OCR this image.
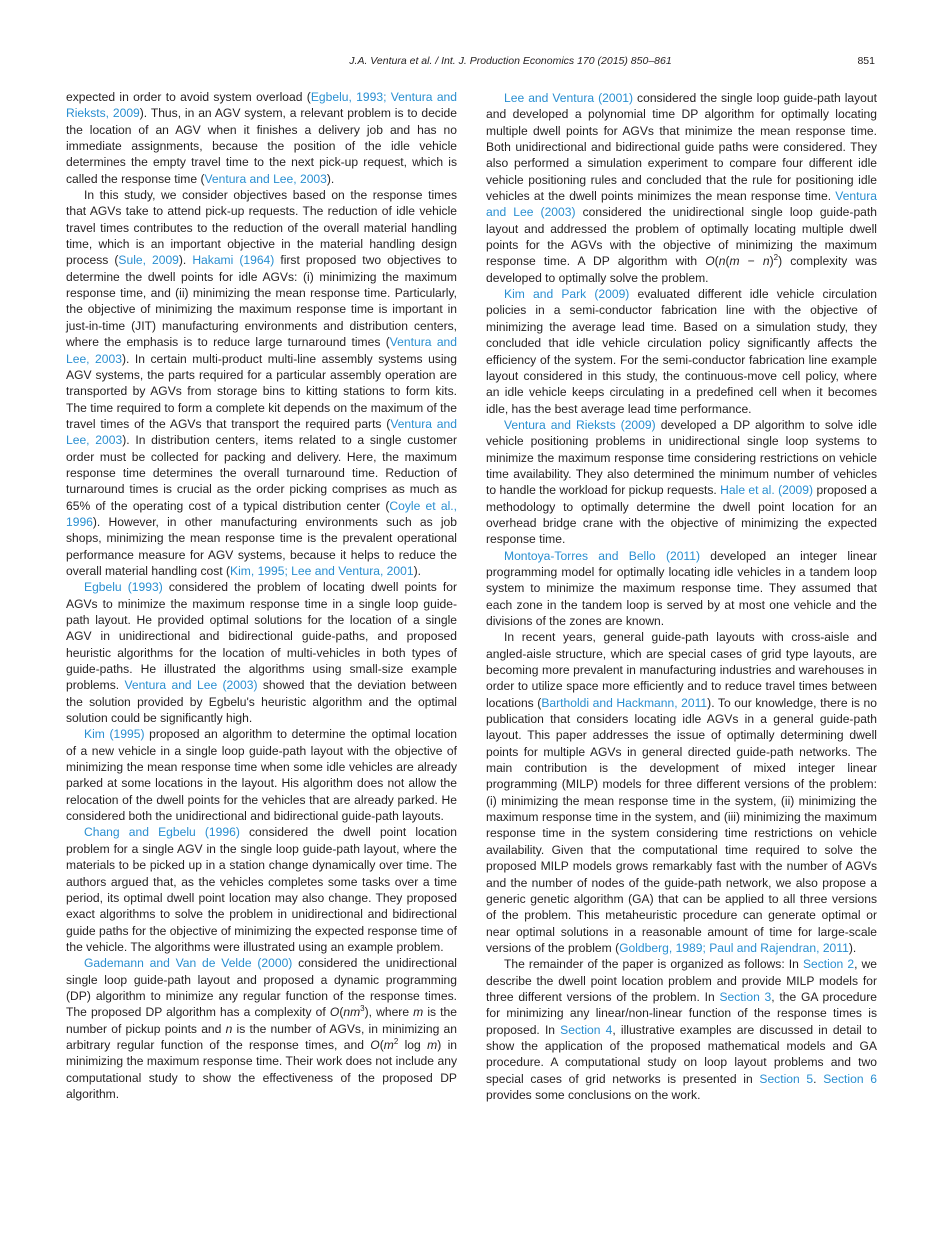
J.A. Ventura et al. / Int. J. Production Economics 170 (2015) 850–861	851

expected in order to avoid system overload (Egbelu, 1993; Ventura and Rieksts, 2009). Thus, in an AGV system, a relevant problem is to decide the location of an AGV when it finishes a delivery job and has no immediate assignments, because the position of the idle vehicle determines the empty travel time to the next pick-up request, which is called the response time (Ventura and Lee, 2003).

In this study, we consider objectives based on the response times that AGVs take to attend pick-up requests. The reduction of idle vehicle travel times contributes to the reduction of the overall material handling time, which is an important objective in the material handling design process (Sule, 2009). Hakami (1964) first proposed two objectives to determine the dwell points for idle AGVs: (i) minimizing the maximum response time, and (ii) minimizing the mean response time. Particularly, the objective of minimizing the maximum response time is important in just-in-time (JIT) manufacturing environments and distribution centers, where the emphasis is to reduce large turnaround times (Ventura and Lee, 2003). In certain multi-product multi-line assembly systems using AGV systems, the parts required for a particular assembly operation are transported by AGVs from storage bins to kitting stations to form kits. The time required to form a complete kit depends on the maximum of the travel times of the AGVs that transport the required parts (Ventura and Lee, 2003). In distribution centers, items related to a single customer order must be collected for packing and delivery. Here, the maximum response time determines the overall turnaround time. Reduction of turnaround times is crucial as the order picking comprises as much as 65% of the operating cost of a typical distribution center (Coyle et al., 1996). However, in other manufacturing environments such as job shops, minimizing the mean response time is the prevalent operational performance measure for AGV systems, because it helps to reduce the overall material handling cost (Kim, 1995; Lee and Ventura, 2001).

Egbelu (1993) considered the problem of locating dwell points for AGVs to minimize the maximum response time in a single loop guide-path layout. He provided optimal solutions for the location of a single AGV in unidirectional and bidirectional guide-paths, and proposed heuristic algorithms for the location of multi-vehicles in both types of guide-paths. He illustrated the algorithms using small-size example problems. Ventura and Lee (2003) showed that the deviation between the solution provided by Egbelu's heuristic algorithm and the optimal solution could be significantly high.

Kim (1995) proposed an algorithm to determine the optimal location of a new vehicle in a single loop guide-path layout with the objective of minimizing the mean response time when some idle vehicles are already parked at some locations in the layout. His algorithm does not allow the relocation of the dwell points for the vehicles that are already parked. He considered both the unidirectional and bidirectional guide-path layouts.

Chang and Egbelu (1996) considered the dwell point location problem for a single AGV in the single loop guide-path layout, where the materials to be picked up in a station change dynamically over time. The authors argued that, as the vehicles completes some tasks over a time period, its optimal dwell point location may also change. They proposed exact algorithms to solve the problem in unidirectional and bidirectional guide paths for the objective of minimizing the expected response time of the vehicle. The algorithms were illustrated using an example problem.

Gademann and Van de Velde (2000) considered the unidirectional single loop guide-path layout and proposed a dynamic programming (DP) algorithm to minimize any regular function of the response times. The proposed DP algorithm has a complexity of $O(nm^3)$, where m is the number of pickup points and n is the number of AGVs, in minimizing an arbitrary regular function of the response times, and $O(m^2$ log m) in minimizing the maximum response time. Their work does not include any computational study to show the effectiveness of the proposed DP algorithm.

Lee and Ventura (2001) considered the single loop guide-path layout and developed a polynomial time DP algorithm for optimally locating multiple dwell points for AGVs that minimize the mean response time. Both unidirectional and bidirectional guide paths were considered. They also performed a simulation experiment to compare four different idle vehicle positioning rules and concluded that the rule for positioning idle vehicles at the dwell points minimizes the mean response time. Ventura and Lee (2003) considered the unidirectional single loop guide-path layout and addressed the problem of optimally locating multiple dwell points for the AGVs with the objective of minimizing the maximum response time. A DP algorithm with $O(n(m - n)^2)$ complexity was developed to optimally solve the problem.

Kim and Park (2009) evaluated different idle vehicle circulation policies in a semi-conductor fabrication line with the objective of minimizing the average lead time. Based on a simulation study, they concluded that idle vehicle circulation policy significantly affects the efficiency of the system. For the semi-conductor fabrication line example layout considered in this study, the continuous-move cell policy, where an idle vehicle keeps circulating in a predefined cell when it becomes idle, has the best average lead time performance.

Ventura and Rieksts (2009) developed a DP algorithm to solve idle vehicle positioning problems in unidirectional single loop systems to minimize the maximum response time considering restrictions on vehicle time availability. They also determined the minimum number of vehicles to handle the workload for pickup requests. Hale et al. (2009) proposed a methodology to optimally determine the dwell point location for an overhead bridge crane with the objective of minimizing the expected response time.

Montoya-Torres and Bello (2011) developed an integer linear programming model for optimally locating idle vehicles in a tandem loop system to minimize the maximum response time. They assumed that each zone in the tandem loop is served by at most one vehicle and the divisions of the zones are known.

In recent years, general guide-path layouts with cross-aisle and angled-aisle structure, which are special cases of grid type layouts, are becoming more prevalent in manufacturing industries and warehouses in order to utilize space more efficiently and to reduce travel times between locations (Bartholdi and Hackmann, 2011). To our knowledge, there is no publication that considers locating idle AGVs in a general guide-path layout. This paper addresses the issue of optimally determining dwell points for multiple AGVs in general directed guide-path networks. The main contribution is the development of mixed integer linear programming (MILP) models for three different versions of the problem: (i) minimizing the mean response time in the system, (ii) minimizing the maximum response time in the system, and (iii) minimizing the maximum response time in the system considering time restrictions on vehicle availability. Given that the computational time required to solve the proposed MILP models grows remarkably fast with the number of AGVs and the number of nodes of the guide-path network, we also propose a generic genetic algorithm (GA) that can be applied to all three versions of the problem. This metaheuristic procedure can generate optimal or near optimal solutions in a reasonable amount of time for large-scale versions of the problem (Goldberg, 1989; Paul and Rajendran, 2011).

The remainder of the paper is organized as follows: In Section 2, we describe the dwell point location problem and provide MILP models for three different versions of the problem. In Section 3, the GA procedure for minimizing any linear/non-linear function of the response times is proposed. In Section 4, illustrative examples are discussed in detail to show the application of the proposed mathematical models and GA procedure. A computational study on loop layout problems and two special cases of grid networks is presented in Section 5. Section 6 provides some conclusions on the work.
